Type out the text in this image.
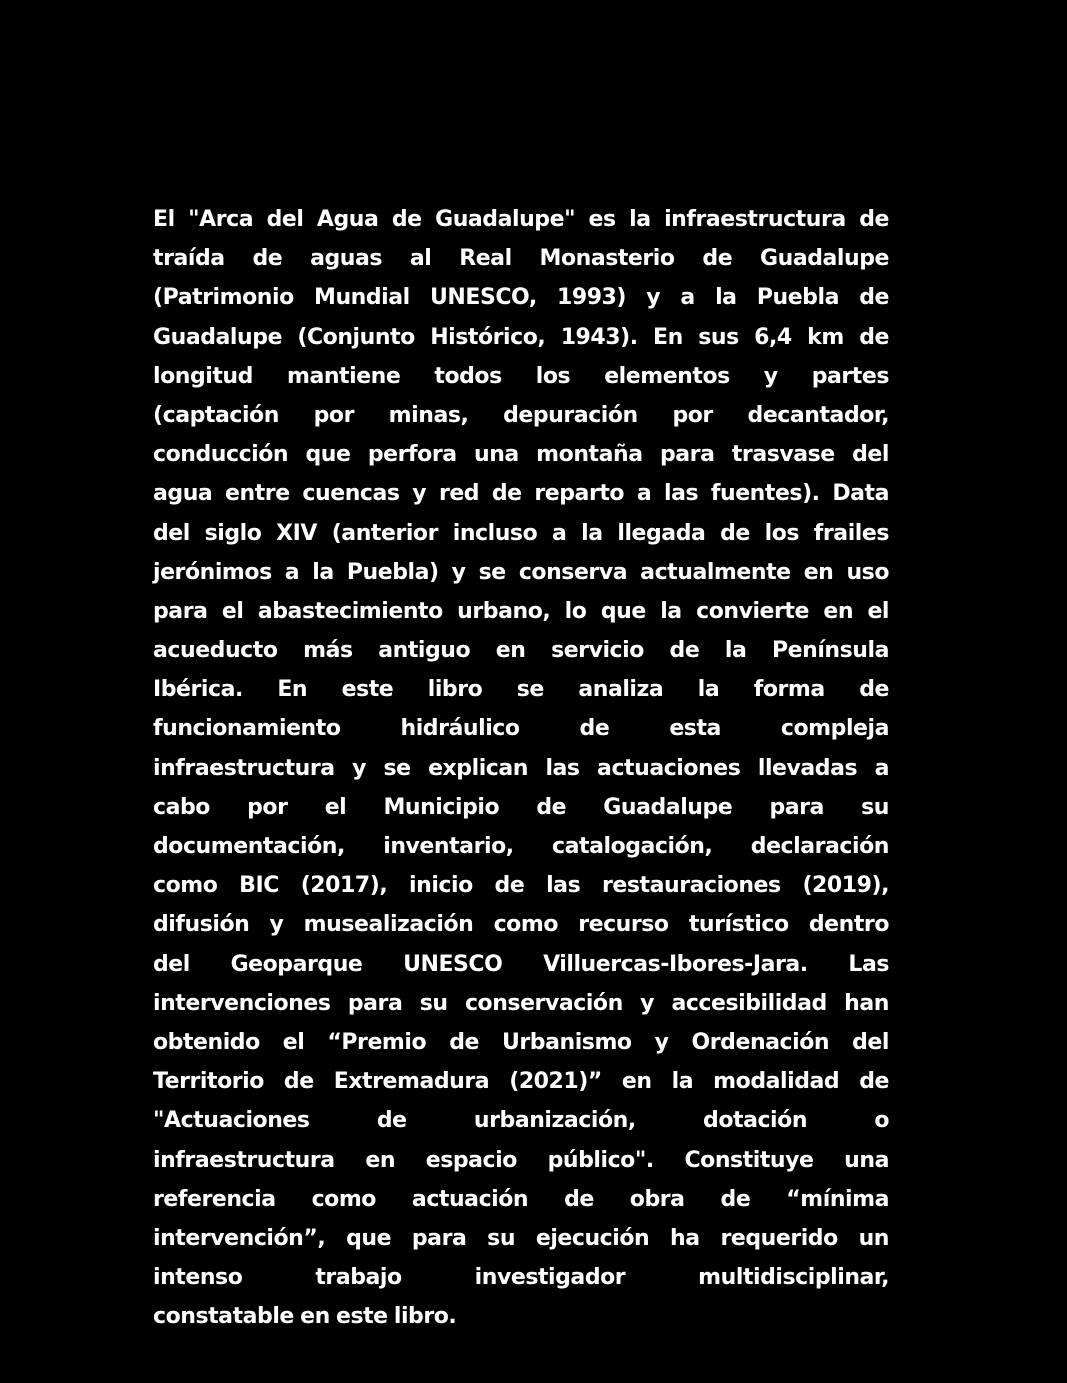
El "Arca del Agua de Guadalupe" es la infraestructura de
traída de aguas al Real Monasterio de Guadalupe
(Patrimonio Mundial UNESCO, 1993) y a la Puebla de
Guadalupe (Conjunto Histórico, 1943). En sus 6,4 km de
longitud mantiene todos los elementos y partes
(captación por minas, depuración por decantador,
conducción que perfora una montaña para trasvase del
agua entre cuencas y red de reparto a las fuentes). Data
del siglo XIV (anterior incluso a la llegada de los frailes
jerónimos a la Puebla) y se conserva actualmente en uso
para el abastecimiento urbano, lo que la convierte en el
acueducto más antiguo en servicio de la Península
Ibérica. En este libro se analiza la forma de
funcionamiento hidráulico de esta compleja
infraestructura y se explican las actuaciones llevadas a
cabo por el Municipio de Guadalupe para su
documentación, inventario, catalogación, declaración
como BIC (2017), inicio de las restauraciones (2019),
difusión y musealización como recurso turístico dentro
del Geoparque UNESCO Villuercas-Ibores-Jara. Las
intervenciones para su conservación y accesibilidad han
obtenido el “Premio de Urbanismo y Ordenación del
Territorio de Extremadura (2021)” en la modalidad de
"Actuaciones de urbanización, dotación o
infraestructura en espacio público". Constituye una
referencia como actuación de obra de “mínima
intervención”, que para su ejecución ha requerido un
intenso trabajo investigador multidisciplinar,
constatable en este libro.
